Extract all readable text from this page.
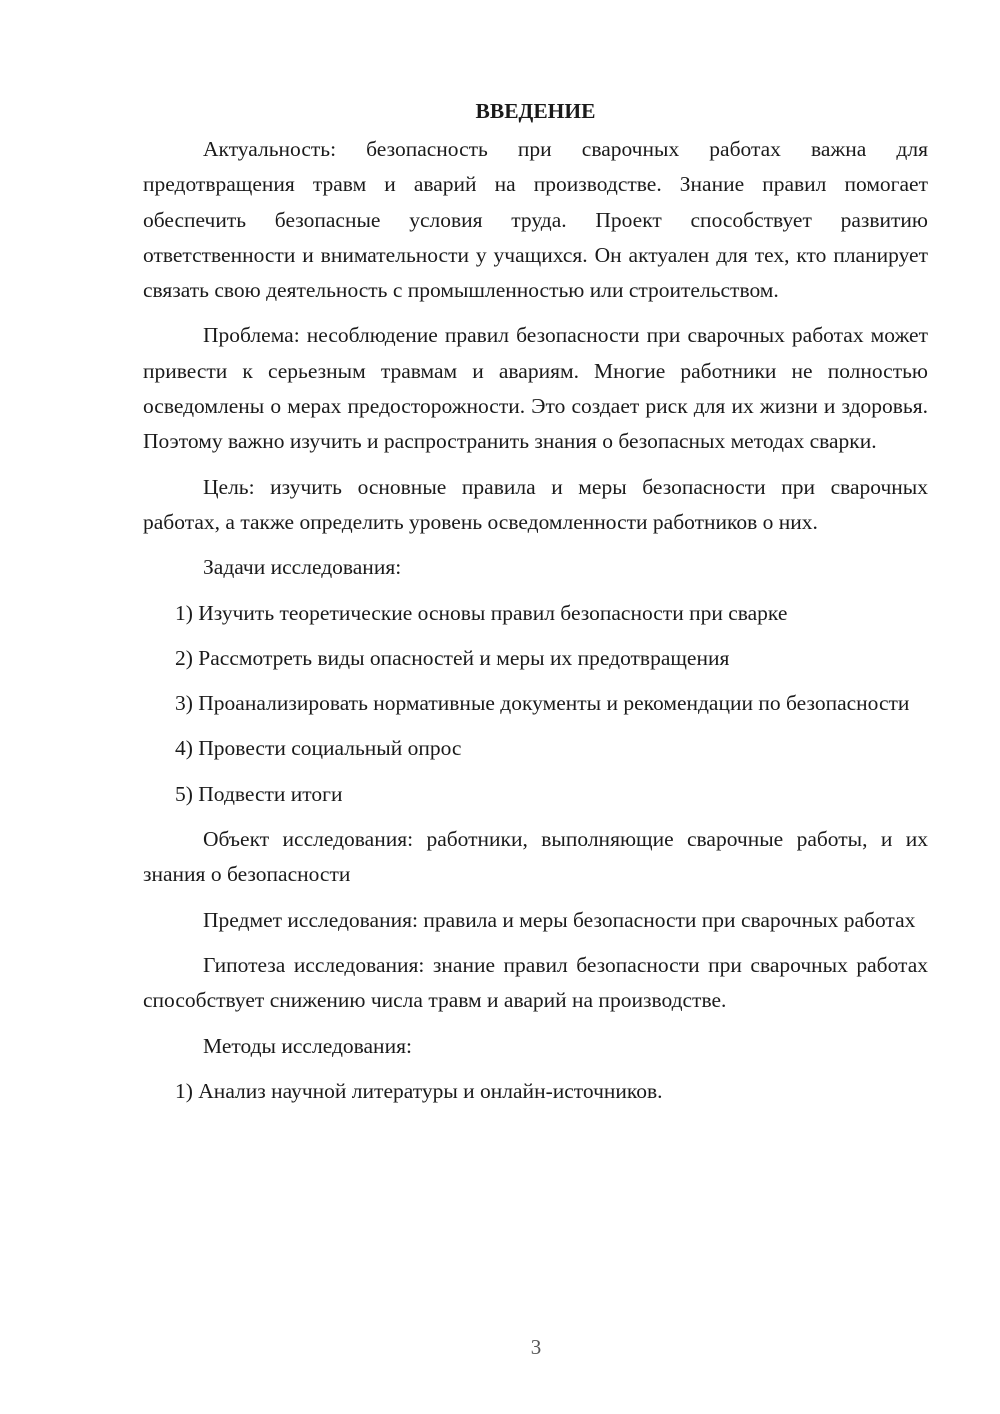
ВВЕДЕНИЕ

Актуальность: безопасность при сварочных работах важна для предотвращения травм и аварий на производстве. Знание правил помогает обеспечить безопасные условия труда. Проект способствует развитию ответственности и внимательности у учащихся. Он актуален для тех, кто планирует связать свою деятельность с промышленностью или строительством.

Проблема: несоблюдение правил безопасности при сварочных работах может привести к серьезным травмам и авариям. Многие работники не полностью осведомлены о мерах предосторожности. Это создает риск для их жизни и здоровья. Поэтому важно изучить и распространить знания о безопасных методах сварки.

Цель: изучить основные правила и меры безопасности при сварочных работах, а также определить уровень осведомленности работников о них.

Задачи исследования:

1) Изучить теоретические основы правил безопасности при сварке

2) Рассмотреть виды опасностей и меры их предотвращения

3) Проанализировать нормативные документы и рекомендации по безопасности

4) Провести социальный опрос

5) Подвести итоги

Объект исследования: работники, выполняющие сварочные работы, и их знания о безопасности

Предмет исследования: правила и меры безопасности при сварочных работах

Гипотеза исследования: знание правил безопасности при сварочных работах способствует снижению числа травм и аварий на производстве.

Методы исследования:

1) Анализ научной литературы и онлайн-источников.

3
